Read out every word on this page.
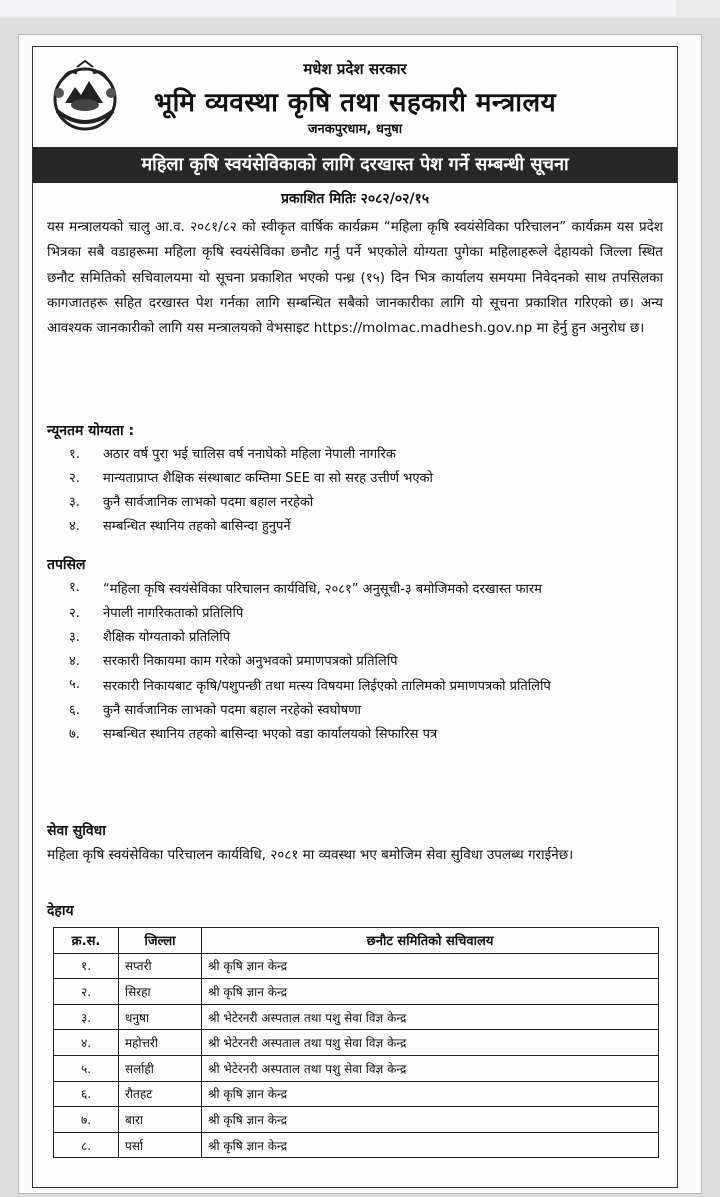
मधेश प्रदेश सरकार
भूमि व्यवस्था कृषि तथा सहकारी मन्त्रालय
जनकपुरधाम, धनुषा
महिला कृषि स्वयंसेविकाको लागि दरखास्त पेश गर्ने सम्बन्धी सूचना
प्रकाशित मितिः २०८२/०२/१५
यस मन्त्रालयको चालु आ.व. २०८१/८२ को स्वीकृत वार्षिक कार्यक्रम “महिला कृषि स्वयंसेविका परिचालन” कार्यक्रम यस प्रदेश भित्रका सबै वडाहरूमा महिला कृषि स्वयंसेविका छनौट गर्नु पर्ने भएकोले योग्यता पुगेका महिलाहरूले देहायको जिल्ला स्थित छनौट समितिको सचिवालयमा यो सूचना प्रकाशित भएको पन्ध्र (१५) दिन भित्र कार्यालय समयमा निवेदनको साथ तपसिलका कागजातहरू सहित दरखास्त पेश गर्नका लागि सम्बन्धित सबैको जानकारीका लागि यो सूचना प्रकाशित गरिएको छ। अन्य आवश्यक जानकारीको लागि यस मन्त्रालयको वेभसाइट https://molmac.madhesh.gov.np मा हेर्नु हुन अनुरोध छ।
न्यूनतम योग्यता :
१. अठार वर्ष पुरा भई चालिस वर्ष ननाघेको महिला नेपाली नागरिक
२. मान्यताप्राप्त शैक्षिक संस्थाबाट कम्तिमा SEE वा सो सरह उत्तीर्ण भएको
३. कुनै सार्वजानिक लाभको पदमा बहाल नरहेको
४. सम्बन्धित स्थानिय तहको बासिन्दा हुनुपर्ने
तपसिल
१. “महिला कृषि स्वयंसेविका परिचालन कार्यविधि, २०८१” अनुसूची-३ बमोजिमको दरखास्त फारम
२. नेपाली नागरिकताको प्रतिलिपि
३. शैक्षिक योग्यताको प्रतिलिपि
४. सरकारी निकायमा काम गरेको अनुभवको प्रमाणपत्रको प्रतिलिपि
५. सरकारी निकायबाट कृषि/पशुपन्छी तथा मत्स्य विषयमा लिईएको तालिमको प्रमाणपत्रको प्रतिलिपि
६. कुनै सार्वजानिक लाभको पदमा बहाल नरहेको स्वघोषणा
७. सम्बन्धित स्थानिय तहको बासिन्दा भएको वडा कार्यालयको सिफारिस पत्र
सेवा सुविधा
महिला कृषि स्वयंसेविका परिचालन कार्यविधि, २०८१ मा व्यवस्था भए बमोजिम सेवा सुविधा उपलब्ध गराईनेछ।
देहाय
क्र.स.	जिल्ला	छनौट समितिको सचिवालय
१.	सप्तरी	श्री कृषि ज्ञान केन्द्र
२.	सिरहा	श्री कृषि ज्ञान केन्द्र
३.	धनुषा	श्री भेटेरनरी अस्पताल तथा पशु सेवा विज्ञ केन्द्र
४.	महोत्तरी	श्री भेटेरनरी अस्पताल तथा पशु सेवा विज्ञ केन्द्र
५.	सर्लाही	श्री भेटेरनरी अस्पताल तथा पशु सेवा विज्ञ केन्द्र
६.	रौतहट	श्री कृषि ज्ञान केन्द्र
७.	बारा	श्री कृषि ज्ञान केन्द्र
८.	पर्सा	श्री कृषि ज्ञान केन्द्र
